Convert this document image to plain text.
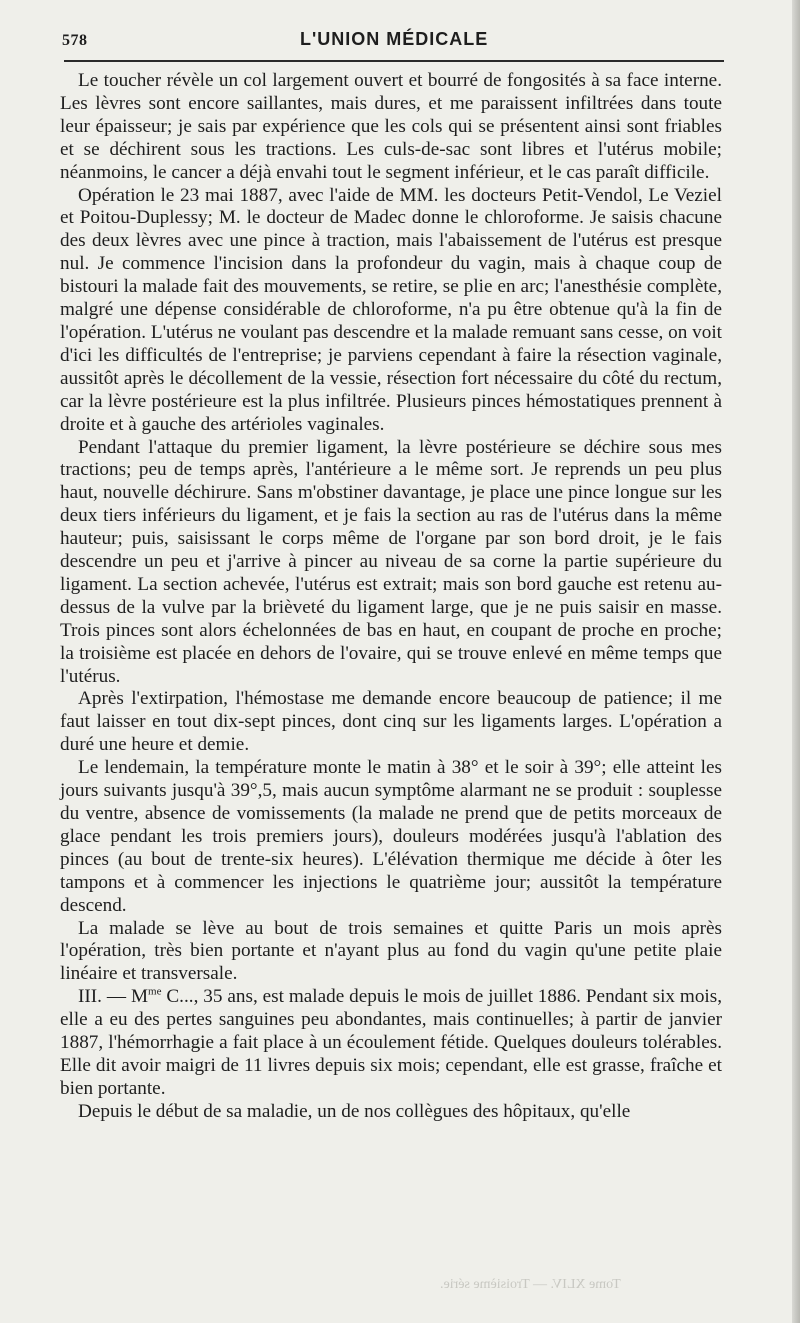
578	L'UNION MÉDICALE

Le toucher révèle un col largement ouvert et bourré de fongosités à sa face interne. Les lèvres sont encore saillantes, mais dures, et me paraissent infiltrées dans toute leur épaisseur; je sais par expérience que les cols qui se présentent ainsi sont friables et se déchirent sous les tractions. Les culs-de-sac sont libres et l'utérus mobile; néanmoins, le cancer a déjà envahi tout le segment inférieur, et le cas paraît difficile.

Opération le 23 mai 1887, avec l'aide de MM. les docteurs Petit-Vendol, Le Veziel et Poitou-Duplessy; M. le docteur de Madec donne le chloroforme. Je saisis chacune des deux lèvres avec une pince à traction, mais l'abaissement de l'utérus est presque nul. Je commence l'incision dans la profondeur du vagin, mais à chaque coup de bistouri la malade fait des mouvements, se retire, se plie en arc; l'anesthésie complète, malgré une dépense considérable de chloroforme, n'a pu être obtenue qu'à la fin de l'opération. L'utérus ne voulant pas descendre et la malade remuant sans cesse, on voit d'ici les difficultés de l'entreprise; je parviens cependant à faire la résection vaginale, aussitôt après le décollement de la vessie, résection fort nécessaire du côté du rectum, car la lèvre postérieure est la plus infiltrée. Plusieurs pinces hémostatiques prennent à droite et à gauche des artérioles vaginales.

Pendant l'attaque du premier ligament, la lèvre postérieure se déchire sous mes tractions; peu de temps après, l'antérieure a le même sort. Je reprends un peu plus haut, nouvelle déchirure. Sans m'obstiner davantage, je place une pince longue sur les deux tiers inférieurs du ligament, et je fais la section au ras de l'utérus dans la même hauteur; puis, saisissant le corps même de l'organe par son bord droit, je le fais descendre un peu et j'arrive à pincer au niveau de sa corne la partie supérieure du ligament. La section achevée, l'utérus est extrait; mais son bord gauche est retenu au-dessus de la vulve par la brièveté du ligament large, que je ne puis saisir en masse. Trois pinces sont alors échelonnées de bas en haut, en coupant de proche en proche; la troisième est placée en dehors de l'ovaire, qui se trouve enlevé en même temps que l'utérus.

Après l'extirpation, l'hémostase me demande encore beaucoup de patience; il me faut laisser en tout dix-sept pinces, dont cinq sur les ligaments larges. L'opération a duré une heure et demie.

Le lendemain, la température monte le matin à 38° et le soir à 39°; elle atteint les jours suivants jusqu'à 39°,5, mais aucun symptôme alarmant ne se produit : souplesse du ventre, absence de vomissements (la malade ne prend que de petits morceaux de glace pendant les trois premiers jours), douleurs modérées jusqu'à l'ablation des pinces (au bout de trente-six heures). L'élévation thermique me décide à ôter les tampons et à commencer les injections le quatrième jour; aussitôt la température descend.

La malade se lève au bout de trois semaines et quitte Paris un mois après l'opération, très bien portante et n'ayant plus au fond du vagin qu'une petite plaie linéaire et transversale.

III. — $M^{me}$ C..., 35 ans, est malade depuis le mois de juillet 1886. Pendant six mois, elle a eu des pertes sanguines peu abondantes, mais continuelles; à partir de janvier 1887, l'hémorrhagie a fait place à un écoulement fétide. Quelques douleurs tolérables. Elle dit avoir maigri de 11 livres depuis six mois; cependant, elle est grasse, fraîche et bien portante.

Depuis le début de sa maladie, un de nos collègues des hôpitaux, qu'elle

Tome XLIV. — Troisième série.
